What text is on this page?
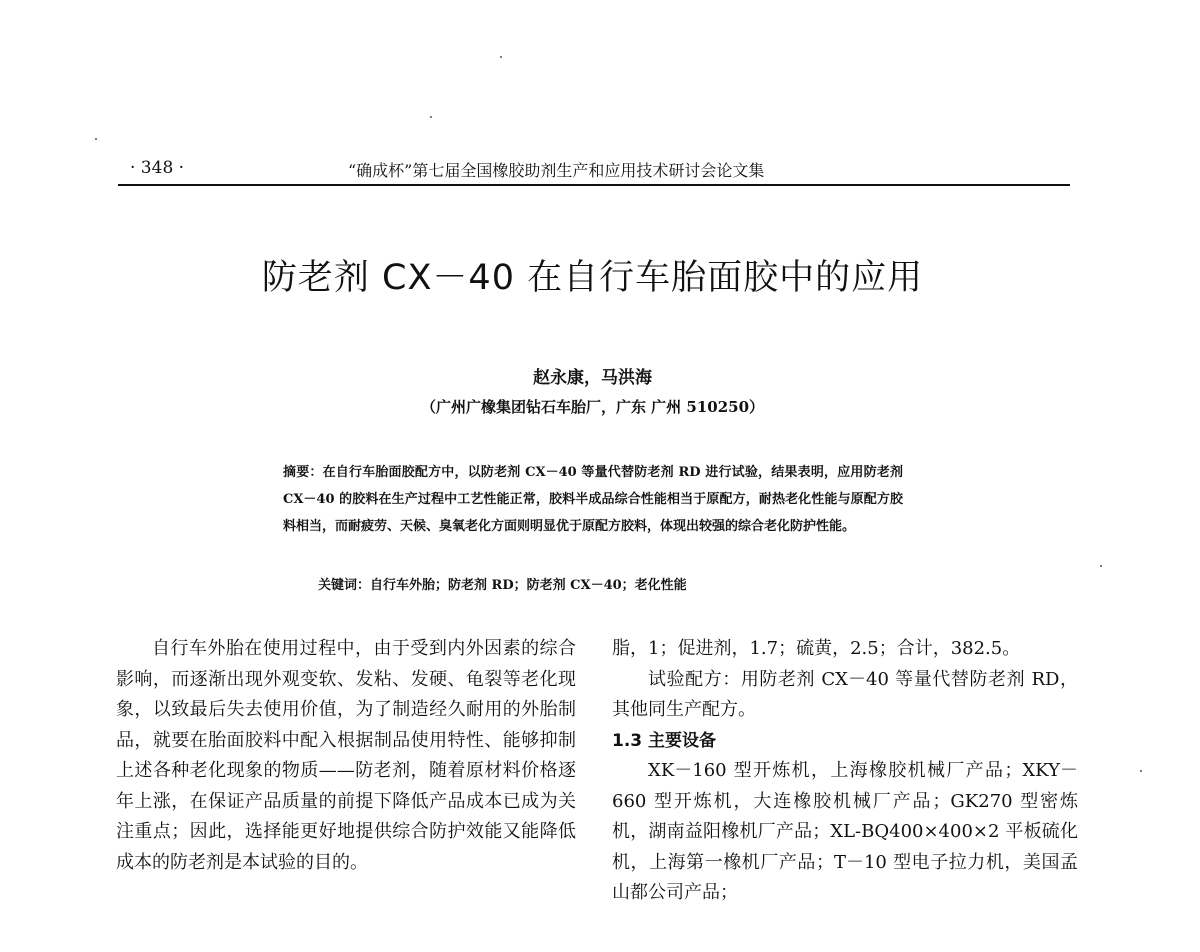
· 348 ·	“确成杯”第七届全国橡胶助剂生产和应用技术研讨会论文集
防老剂 CX－40 在自行车胎面胶中的应用
赵永康，马洪海
（广州广橡集团钻石车胎厂，广东 广州 510250）
摘要：在自行车胎面胶配方中，以防老剂 CX－40 等量代替防老剂 RD 进行试验，结果表明，应用防老剂 CX－40 的胶料在生产过程中工艺性能正常，胶料半成品综合性能相当于原配方，耐热老化性能与原配方胶料相当，而耐疲劳、天候、臭氧老化方面则明显优于原配方胶料，体现出较强的综合老化防护性能。
关键词：自行车外胎；防老剂 RD；防老剂 CX－40；老化性能

自行车外胎在使用过程中，由于受到内外因素的综合影响，而逐渐出现外观变软、发粘、发硬、龟裂等老化现象，以致最后失去使用价值，为了制造经久耐用的外胎制品，就要在胎面胶料中配入根据制品使用特性、能够抑制上述各种老化现象的物质——防老剂，随着原材料价格逐年上涨，在保证产品质量的前提下降低产品成本已成为关注重点；因此，选择能更好地提供综合防护效能又能降低成本的防老剂是本试验的目的。

脂，1；促进剂，1.7；硫黄，2.5；合计，382.5。

试验配方：用防老剂 CX－40 等量代替防老剂 RD，其他同生产配方。

1.3 主要设备

XK－160 型开炼机，上海橡胶机械厂产品；XKY－660 型开炼机，大连橡胶机械厂产品；GK270 型密炼机，湖南益阳橡机厂产品；XL-BQ400×400×2 平板硫化机，上海第一橡机厂产品；T－10 型电子拉力机，美国孟山都公司产品；
